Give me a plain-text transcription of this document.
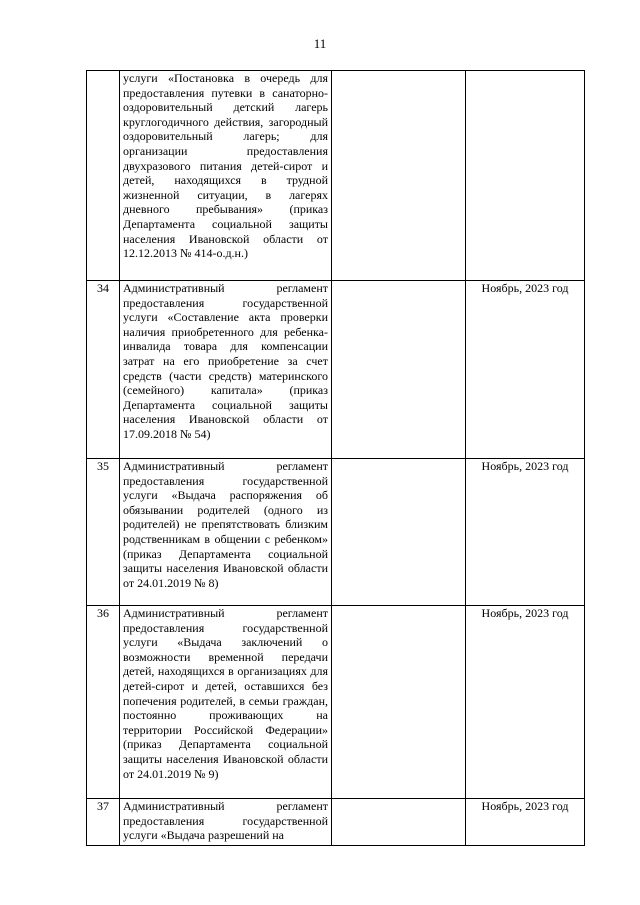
11
	услуги «Постановка в очередь для предоставления путевки в санаторно-оздоровительный детский лагерь круглогодичного действия, загородный оздоровительный лагерь; для организации предоставления двухразового питания детей-сирот и детей, находящихся в трудной жизненной ситуации, в лагерях дневного пребывания» (приказ Департамента социальной защиты населения Ивановской области от 12.12.2013 № 414-о.д.н.)		
34	Административный регламент предоставления государственной услуги «Составление акта проверки наличия приобретенного для ребенка-инвалида товара для компенсации затрат на его приобретение за счет средств (части средств) материнского (семейного) капитала» (приказ Департамента социальной защиты населения Ивановской области от 17.09.2018 № 54)		Ноябрь, 2023 год
35	Административный регламент предоставления государственной услуги «Выдача распоряжения об обязывании родителей (одного из родителей) не препятствовать близким родственникам в общении с ребенком» (приказ Департамента социальной защиты населения Ивановской области от 24.01.2019 № 8)		Ноябрь, 2023 год
36	Административный регламент предоставления государственной услуги «Выдача заключений о возможности временной передачи детей, находящихся в организациях для детей-сирот и детей, оставшихся без попечения родителей, в семьи граждан, постоянно проживающих на территории Российской Федерации» (приказ Департамента социальной защиты населения Ивановской области от 24.01.2019 № 9)		Ноябрь, 2023 год
37	Административный регламент предоставления государственной услуги «Выдача разрешений на		Ноябрь, 2023 год
